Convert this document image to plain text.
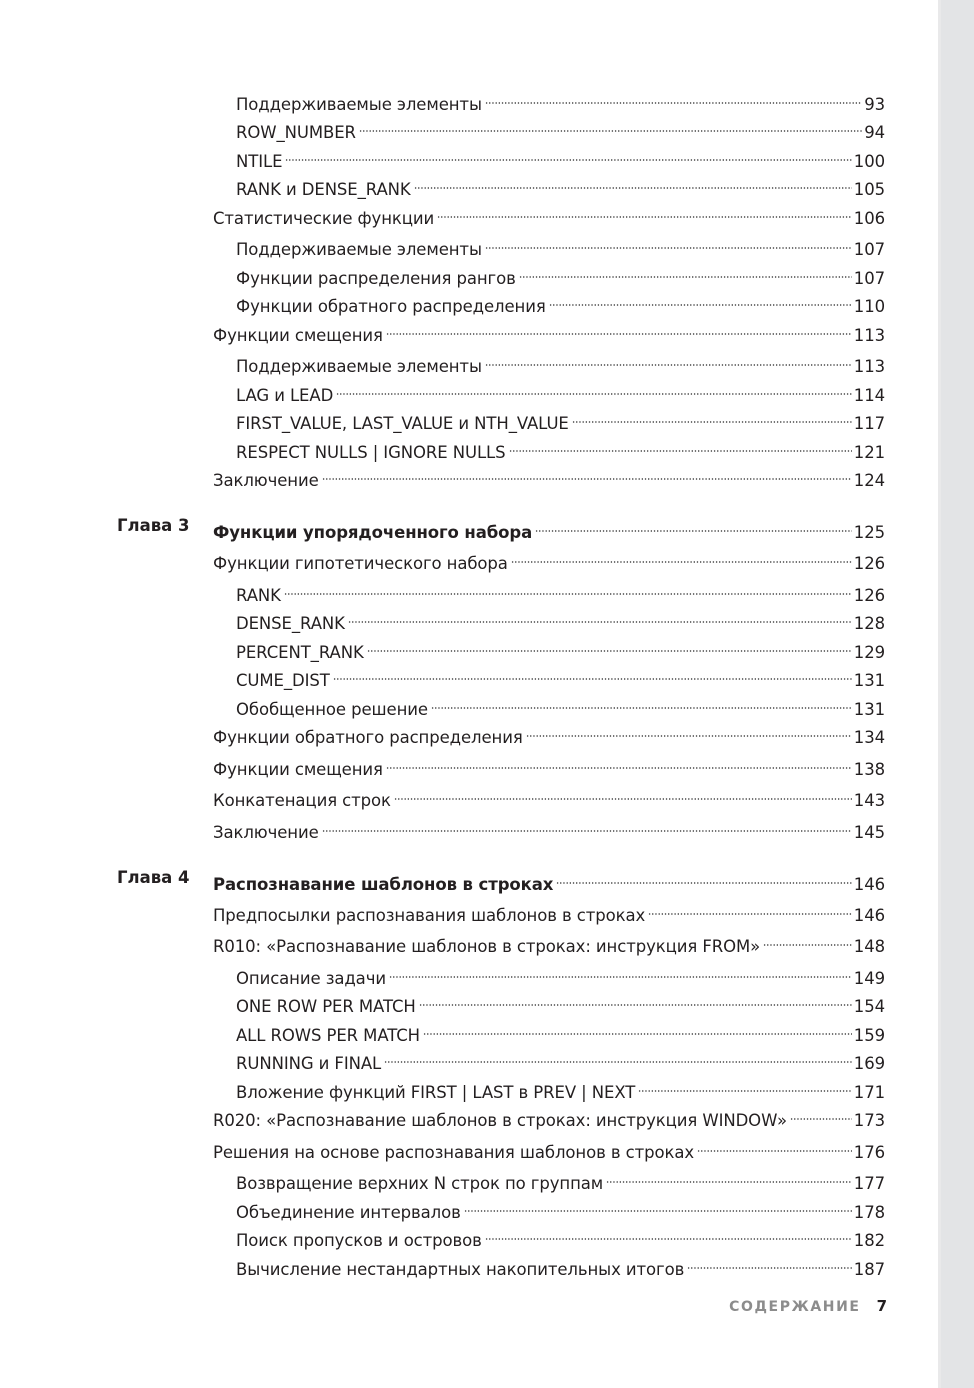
Поддерживаемые элементы	93
ROW_NUMBER	94
NTILE	100
RANK и DENSE_RANK	105
Статистические функции	106
Поддерживаемые элементы	107
Функции распределения рангов	107
Функции обратного распределения	110
Функции смещения	113
Поддерживаемые элементы	113
LAG и LEAD	114
FIRST_VALUE, LAST_VALUE и NTH_VALUE	117
RESPECT NULLS | IGNORE NULLS	121
Заключение	124
Глава 3 Функции упорядоченного набора	125
Функции гипотетического набора	126
RANK	126
DENSE_RANK	128
PERCENT_RANK	129
CUME_DIST	131
Обобщенное решение	131
Функции обратного распределения	134
Функции смещения	138
Конкатенация строк	143
Заключение	145
Глава 4 Распознавание шаблонов в строках	146
Предпосылки распознавания шаблонов в строках	146
R010: «Распознавание шаблонов в строках: инструкция FROM»	148
Описание задачи	149
ONE ROW PER MATCH	154
ALL ROWS PER MATCH	159
RUNNING и FINAL	169
Вложение функций FIRST | LAST в PREV | NEXT	171
R020: «Распознавание шаблонов в строках: инструкция WINDOW»	173
Решения на основе распознавания шаблонов в строках	176
Возвращение верхних N строк по группам	177
Объединение интервалов	178
Поиск пропусков и островов	182
Вычисление нестандартных накопительных итогов	187
СОДЕРЖАНИЕ 7
